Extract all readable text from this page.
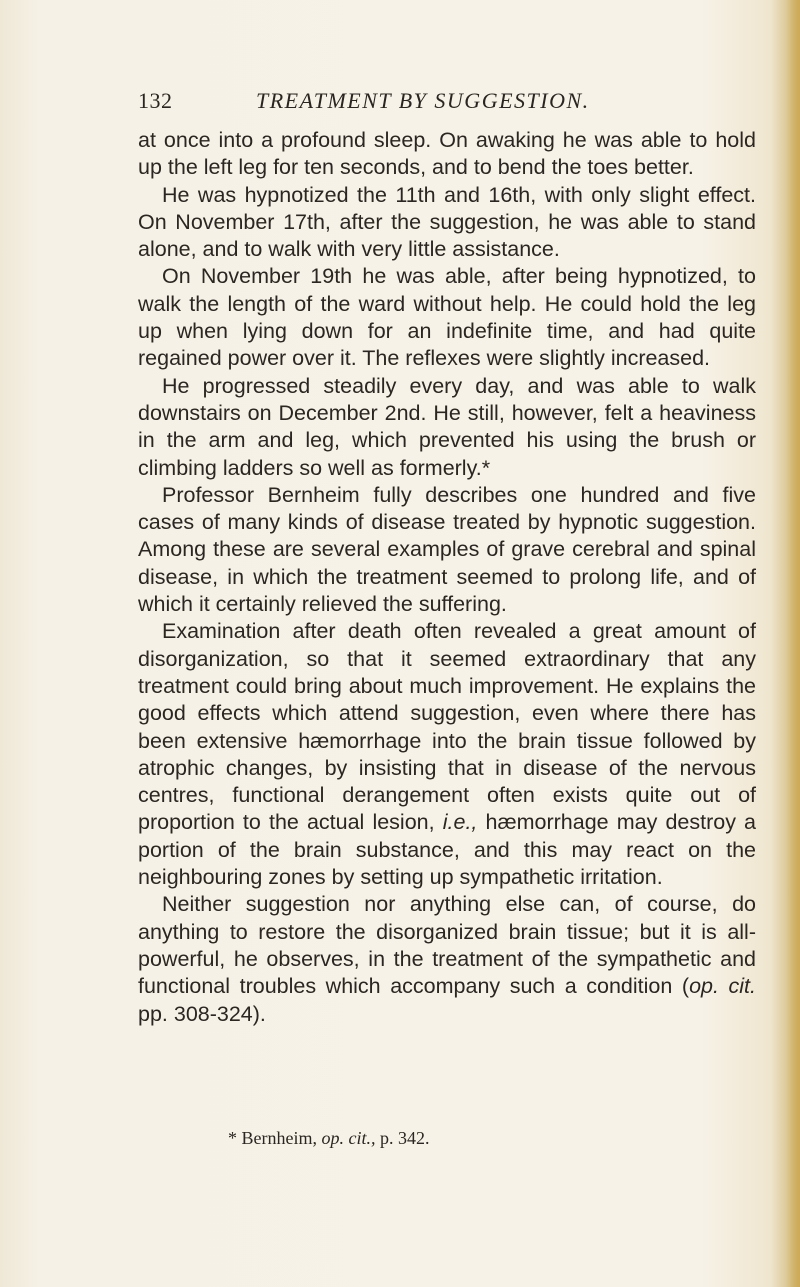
132	TREATMENT BY SUGGESTION.

at once into a profound sleep. On awaking he was able to hold up the left leg for ten seconds, and to bend the toes better.

He was hypnotized the 11th and 16th, with only slight effect. On November 17th, after the suggestion, he was able to stand alone, and to walk with very little assistance.

On November 19th he was able, after being hypnotized, to walk the length of the ward without help. He could hold the leg up when lying down for an indefinite time, and had quite regained power over it. The reflexes were slightly increased.

He progressed steadily every day, and was able to walk downstairs on December 2nd. He still, however, felt a heaviness in the arm and leg, which prevented his using the brush or climbing ladders so well as formerly.*

Professor Bernheim fully describes one hundred and five cases of many kinds of disease treated by hypnotic suggestion. Among these are several examples of grave cerebral and spinal disease, in which the treatment seemed to prolong life, and of which it certainly relieved the suffering.

Examination after death often revealed a great amount of disorganization, so that it seemed extraordinary that any treatment could bring about much improvement. He explains the good effects which attend suggestion, even where there has been extensive hæmorrhage into the brain tissue followed by atrophic changes, by insisting that in disease of the nervous centres, functional derangement often exists quite out of proportion to the actual lesion, i.e., hæmorrhage may destroy a portion of the brain substance, and this may react on the neighbouring zones by setting up sympathetic irritation.

Neither suggestion nor anything else can, of course, do anything to restore the disorganized brain tissue; but it is all-powerful, he observes, in the treatment of the sympathetic and functional troubles which accompany such a condition (op. cit. pp. 308-324).

* Bernheim, op. cit., p. 342.
